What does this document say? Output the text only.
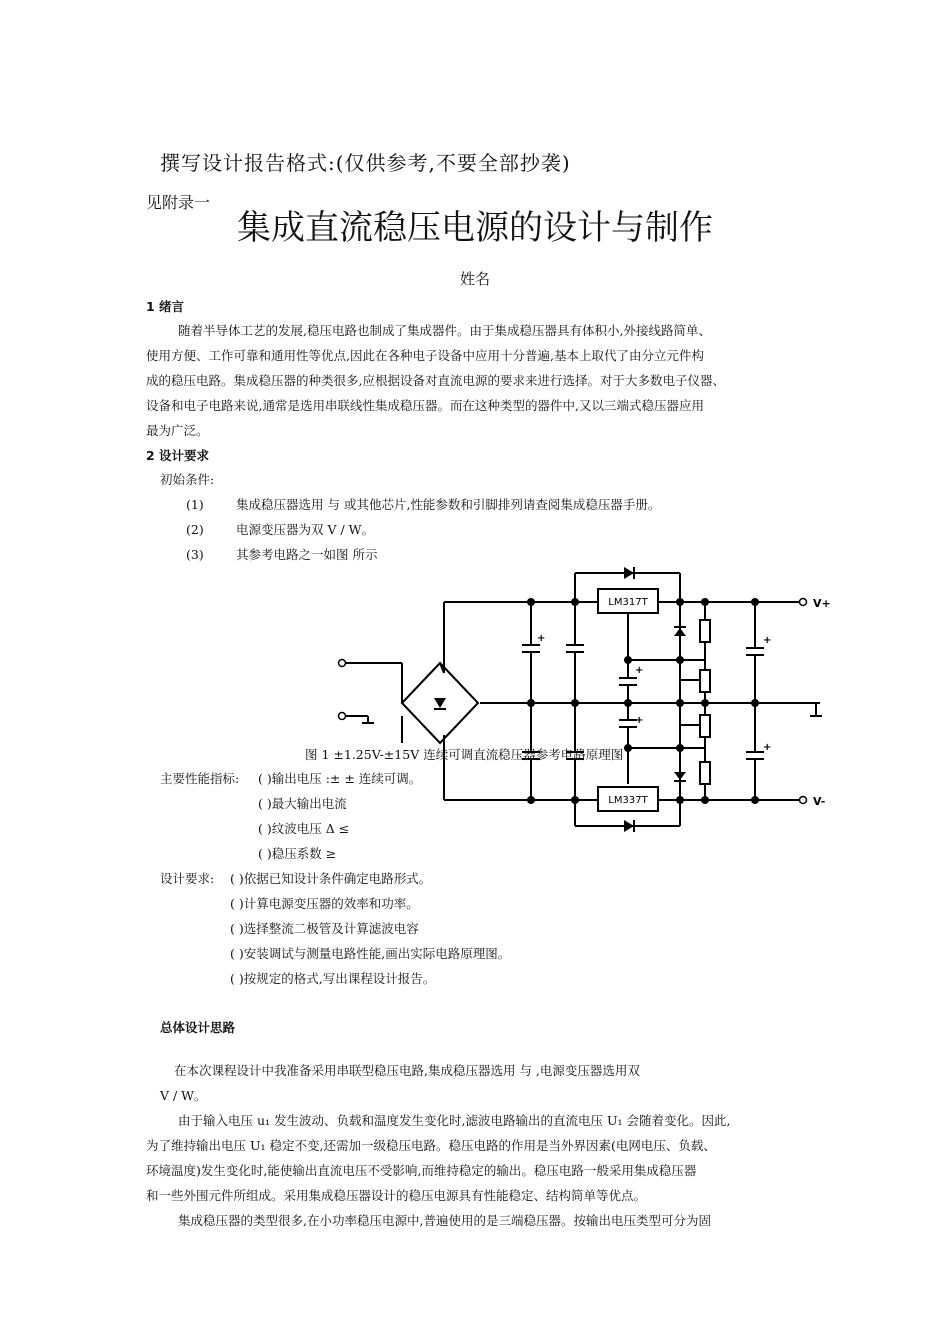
撰写设计报告格式:(仅供参考,不要全部抄袭)
见附录一
集成直流稳压电源的设计与制作
姓名
1 绪言
随着半导体工艺的发展,稳压电路也制成了集成器件。由于集成稳压器具有体积小,外接线路简单、
使用方便、工作可靠和通用性等优点,因此在各种电子设备中应用十分普遍,基本上取代了由分立元件构
成的稳压电路。集成稳压器的种类很多,应根据设备对直流电源的要求来进行选择。对于大多数电子仪器、
设备和电子电路来说,通常是选用串联线性集成稳压器。而在这种类型的器件中,又以三端式稳压器应用
最为广泛。
2 设计要求
初始条件:
(1)	集成稳压器选用 与 或其他芯片,性能参数和引脚排列请查阅集成稳压器手册。
(2)	电源变压器为双 V / W。
(3)	其参考电路之一如图 所示
LM317T
LM337T
V+
V-
+
+
+
+
+
图 1 ±1.25V-±15V 连续可调直流稳压器参考电路原理图
主要性能指标: ( )输出电压 :± ± 连续可调。
( )最大输出电流
( )纹波电压 Δ ≤
( )稳压系数 ≥
设计要求: ( )依据已知设计条件确定电路形式。
( )计算电源变压器的效率和功率。
( )选择整流二极管及计算滤波电容
( )安装调试与测量电路性能,画出实际电路原理图。
( )按规定的格式,写出课程设计报告。
总体设计思路
在本次课程设计中我准备采用串联型稳压电路,集成稳压器选用 与 ,电源变压器选用双
V / W。
由于输入电压 u₁ 发生波动、负载和温度发生变化时,滤波电路输出的直流电压 U₁ 会随着变化。因此,
为了维持输出电压 U₁ 稳定不变,还需加一级稳压电路。稳压电路的作用是当外界因素(电网电压、负载、
环境温度)发生变化时,能使输出直流电压不受影响,而维持稳定的输出。稳压电路一般采用集成稳压器
和一些外围元件所组成。采用集成稳压器设计的稳压电源具有性能稳定、结构简单等优点。
集成稳压器的类型很多,在小功率稳压电源中,普遍使用的是三端稳压器。按输出电压类型可分为固
